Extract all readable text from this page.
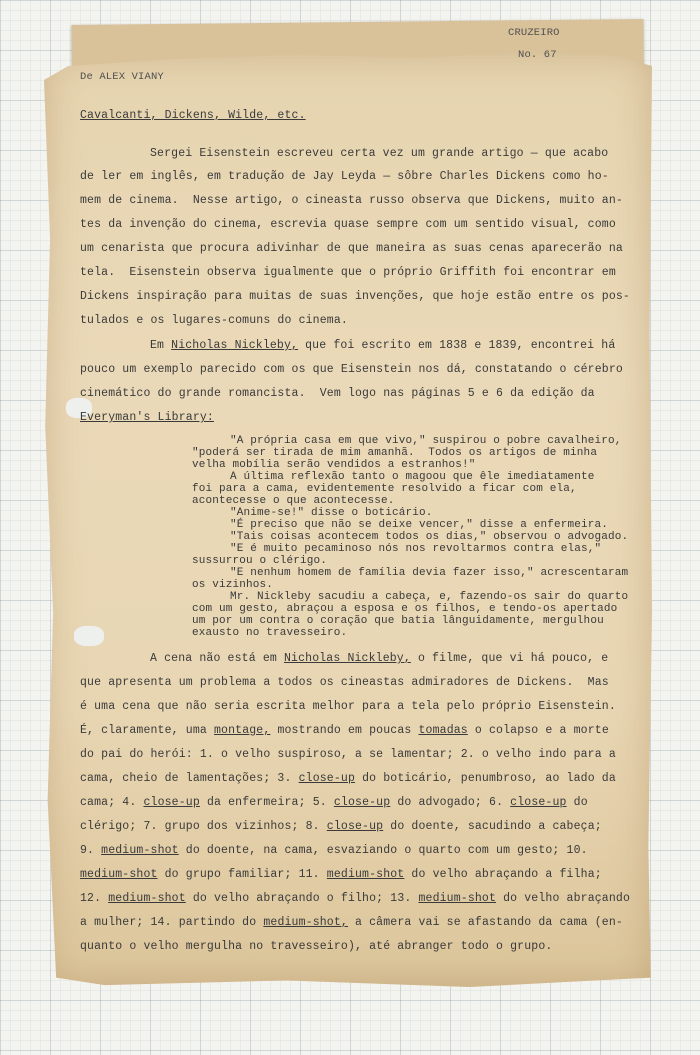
CRUZEIRO
No. 67
De ALEX VIANY
Cavalcanti, Dickens, Wilde, etc.
Sergei Eisenstein escreveu certa vez um grande artigo — que acabo
de ler em inglês, em tradução de Jay Leyda — sôbre Charles Dickens como ho-
mem de cinema.  Nesse artigo, o cineasta russo observa que Dickens, muito an-
tes da invenção do cinema, escrevia quase sempre com um sentido visual, como
um cenarista que procura adivinhar de que maneira as suas cenas aparecerão na
tela.  Eisenstein observa igualmente que o próprio Griffith foi encontrar em
Dickens inspiração para muitas de suas invenções, que hoje estão entre os pos-
tulados e os lugares-comuns do cinema.
Em Nicholas Nickleby, que foi escrito em 1838 e 1839, encontrei há
pouco um exemplo parecido com os que Eisenstein nos dá, constatando o cérebro
cinemático do grande romancista.  Vem logo nas páginas 5 e 6 da edição da
Everyman's Library:
"A própria casa em que vivo," suspirou o pobre cavalheiro,
"poderá ser tirada de mim amanhã.  Todos os artigos de minha
velha mobília serão vendidos a estranhos!"
A última reflexão tanto o magoou que êle imediatamente
foi para a cama, evidentemente resolvido a ficar com ela,
acontecesse o que acontecesse.
"Anime-se!" disse o boticário.
"É preciso que não se deixe vencer," disse a enfermeira.
"Tais coisas acontecem todos os dias," observou o advogado.
"E é muito pecaminoso nós nos revoltarmos contra elas,"
sussurrou o clérigo.
"E nenhum homem de família devia fazer isso," acrescentaram
os vizinhos.
Mr. Nickleby sacudiu a cabeça, e, fazendo-os sair do quarto
com um gesto, abraçou a esposa e os filhos, e tendo-os apertado
um por um contra o coração que batia lânguidamente, mergulhou
exausto no travesseiro.
A cena não está em Nicholas Nickleby, o filme, que vi há pouco, e
que apresenta um problema a todos os cineastas admiradores de Dickens.  Mas
é uma cena que não seria escrita melhor para a tela pelo próprio Eisenstein.
É, claramente, uma montage, mostrando em poucas tomadas o colapso e a morte
do pai do herói: 1. o velho suspiroso, a se lamentar; 2. o velho indo para a
cama, cheio de lamentações; 3. close-up do boticário, penumbroso, ao lado da
cama; 4. close-up da enfermeira; 5. close-up do advogado; 6. close-up do
clérigo; 7. grupo dos vizinhos; 8. close-up do doente, sacudindo a cabeça;
9. medium-shot do doente, na cama, esvaziando o quarto com um gesto; 10.
medium-shot do grupo familiar; 11. medium-shot do velho abraçando a filha;
12. medium-shot do velho abraçando o filho; 13. medium-shot do velho abraçando
a mulher; 14. partindo do medium-shot, a câmera vai se afastando da cama (en-
quanto o velho mergulha no travesseiro), até abranger todo o grupo.
